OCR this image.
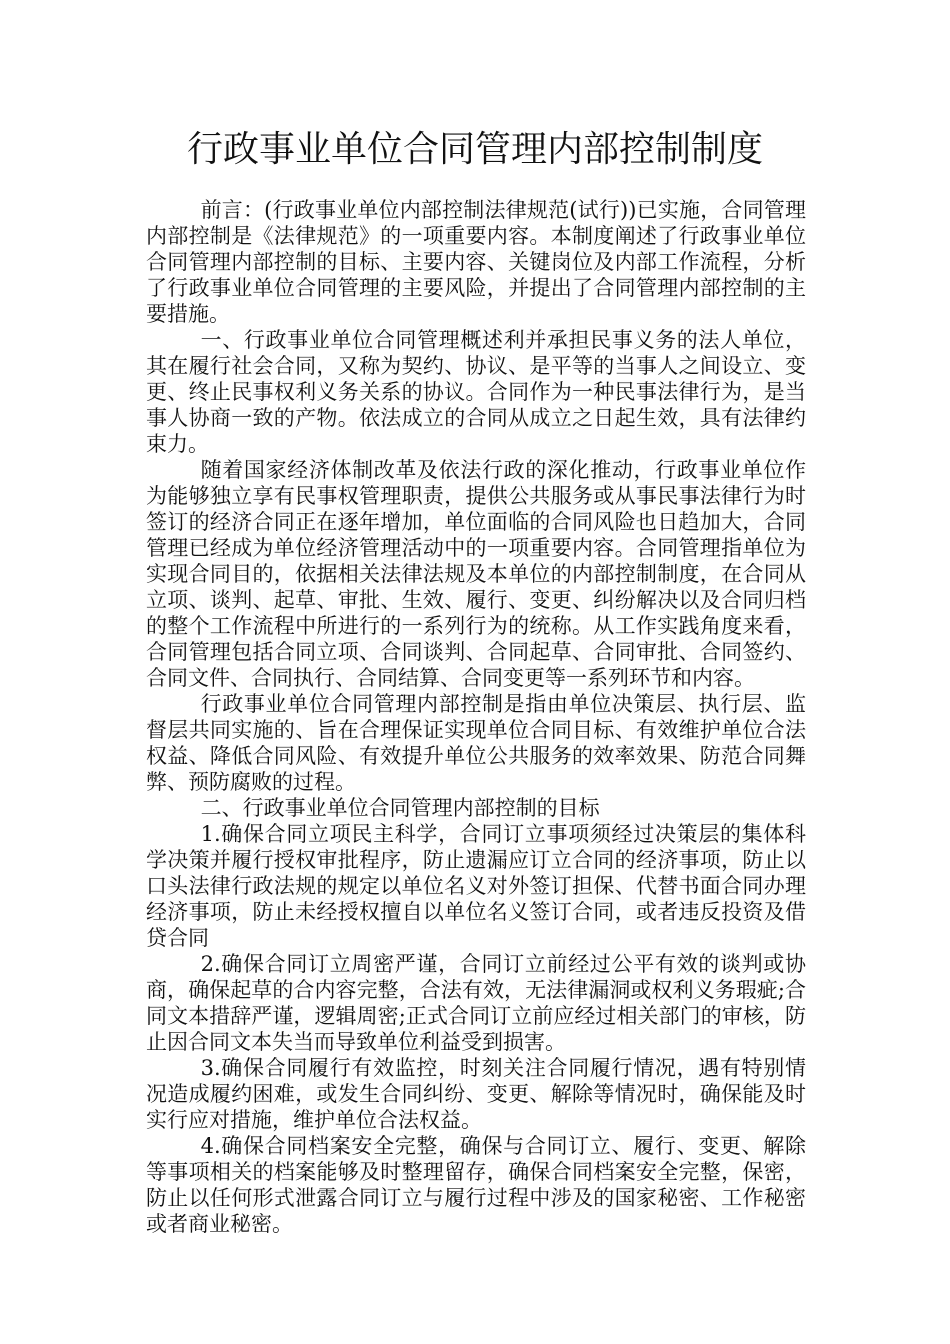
行政事业单位合同管理内部控制制度

前言：(行政事业单位内部控制法律规范(试行))已实施，合同管理内部控制是《法律规范》的一项重要内容。本制度阐述了行政事业单位合同管理内部控制的目标、主要内容、关键岗位及内部工作流程，分析了行政事业单位合同管理的主要风险，并提出了合同管理内部控制的主要措施。

一、行政事业单位合同管理概述利并承担民事义务的法人单位，其在履行社会合同，又称为契约、协议、是平等的当事人之间设立、变更、终止民事权利义务关系的协议。合同作为一种民事法律行为，是当事人协商一致的产物。依法成立的合同从成立之日起生效，具有法律约束力。

随着国家经济体制改革及依法行政的深化推动，行政事业单位作为能够独立享有民事权管理职责，提供公共服务或从事民事法律行为时签订的经济合同正在逐年增加，单位面临的合同风险也日趋加大，合同管理已经成为单位经济管理活动中的一项重要内容。合同管理指单位为实现合同目的，依据相关法律法规及本单位的内部控制制度，在合同从立项、谈判、起草、审批、生效、履行、变更、纠纷解决以及合同归档的整个工作流程中所进行的一系列行为的统称。从工作实践角度来看，合同管理包括合同立项、合同谈判、合同起草、合同审批、合同签约、合同文件、合同执行、合同结算、合同变更等一系列环节和内容。

行政事业单位合同管理内部控制是指由单位决策层、执行层、监督层共同实施的、旨在合理保证实现单位合同目标、有效维护单位合法权益、降低合同风险、有效提升单位公共服务的效率效果、防范合同舞弊、预防腐败的过程。

二、行政事业单位合同管理内部控制的目标

1.确保合同立项民主科学，合同订立事项须经过决策层的集体科学决策并履行授权审批程序，防止遗漏应订立合同的经济事项，防止以口头法律行政法规的规定以单位名义对外签订担保、代替书面合同办理经济事项，防止未经授权擅自以单位名义签订合同，或者违反投资及借贷合同

2.确保合同订立周密严谨，合同订立前经过公平有效的谈判或协商，确保起草的合内容完整，合法有效，无法律漏洞或权利义务瑕疵;合同文本措辞严谨，逻辑周密;正式合同订立前应经过相关部门的审核，防止因合同文本失当而导致单位利益受到损害。

3.确保合同履行有效监控，时刻关注合同履行情况，遇有特别情况造成履约困难，或发生合同纠纷、变更、解除等情况时，确保能及时实行应对措施，维护单位合法权益。

4.确保合同档案安全完整，确保与合同订立、履行、变更、解除等事项相关的档案能够及时整理留存，确保合同档案安全完整，保密，防止以任何形式泄露合同订立与履行过程中涉及的国家秘密、工作秘密或者商业秘密。
